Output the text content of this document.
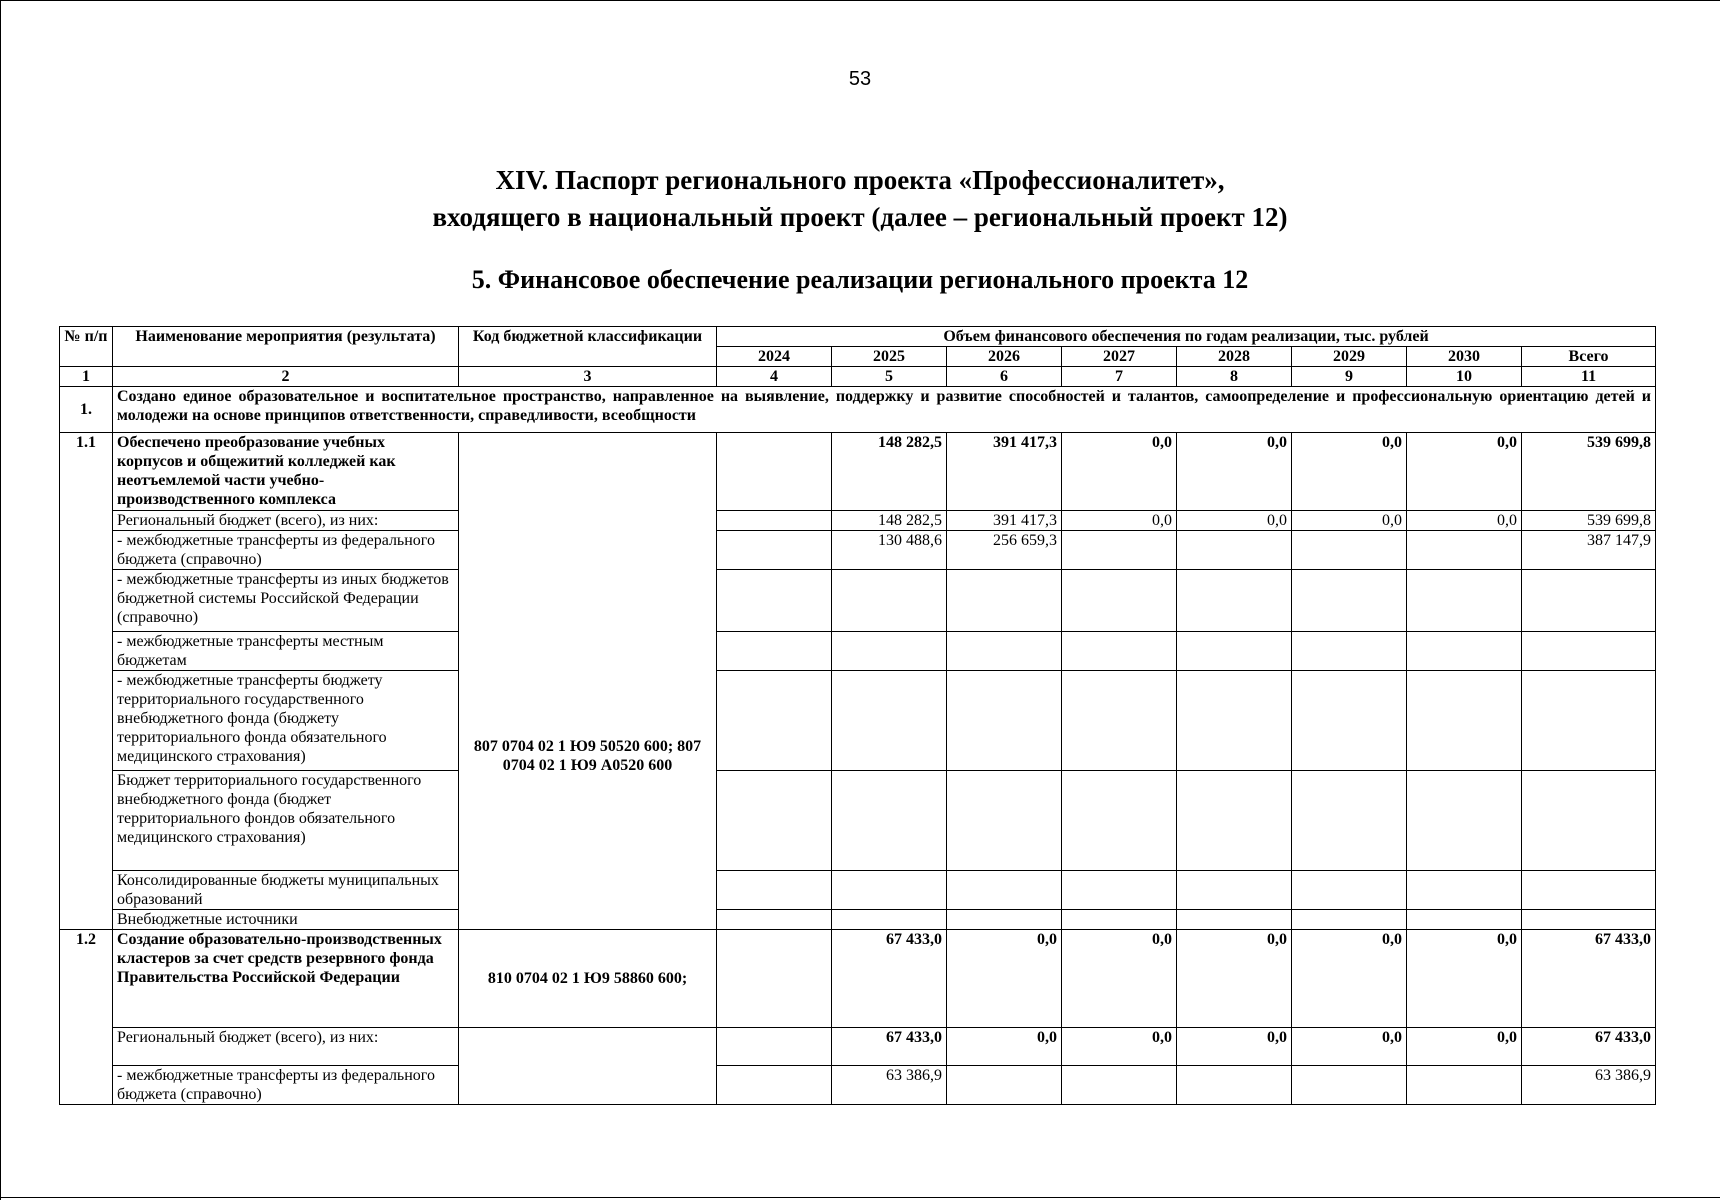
53
XIV. Паспорт регионального проекта «Профессионалитет»,
входящего в национальный проект (далее – региональный проект 12)
5. Финансовое обеспечение реализации регионального проекта 12
№ п/п	Наименование мероприятия (результата)	Код бюджетной классификации	Объем финансового обеспечения по годам реализации, тыс. рублей							
			2024	2025	2026	2027	2028	2029	2030	Всего
1	2	3	4	5	6	7	8	9	10	11
1.	Создано единое образовательное и воспитательное пространство, направленное на выявление, поддержку и развитие способностей и талантов, самоопределение и профессиональную ориентацию детей и молодежи на основе принципов ответственности, справедливости, всеобщности									
1.1	Обеспечено преобразование учебных корпусов и общежитий колледжей как неотъемлемой части учебно-производственного комплекса	807 0704 02 1 Ю9 50520 600; 807 0704 02 1 Ю9 А0520 600		148 282,5	391 417,3	0,0	0,0	0,0	0,0	539 699,8
	Региональный бюджет (всего), из них:			148 282,5	391 417,3	0,0	0,0	0,0	0,0	539 699,8
	- межбюджетные трансферты из федерального бюджета (справочно)			130 488,6	256 659,3					387 147,9
	- межбюджетные трансферты из иных бюджетов бюджетной системы Российской Федерации (справочно)									
	- межбюджетные трансферты местным бюджетам									
	- межбюджетные трансферты бюджету территориального государственного внебюджетного фонда (бюджету территориального фонда обязательного медицинского страхования)									
	Бюджет территориального государственного внебюджетного фонда (бюджет территориального фондов обязательного медицинского страхования)									
	Консолидированные бюджеты муниципальных образований									
	Внебюджетные источники									
1.2	Создание образовательно-производственных кластеров за счет средств резервного фонда Правительства Российской Федерации	810 0704 02 1 Ю9 58860 600;		67 433,0	0,0	0,0	0,0	0,0	0,0	67 433,0
	Региональный бюджет (всего), из них:			67 433,0	0,0	0,0	0,0	0,0	0,0	67 433,0
	- межбюджетные трансферты из федерального бюджета (справочно)			63 386,9						63 386,9
